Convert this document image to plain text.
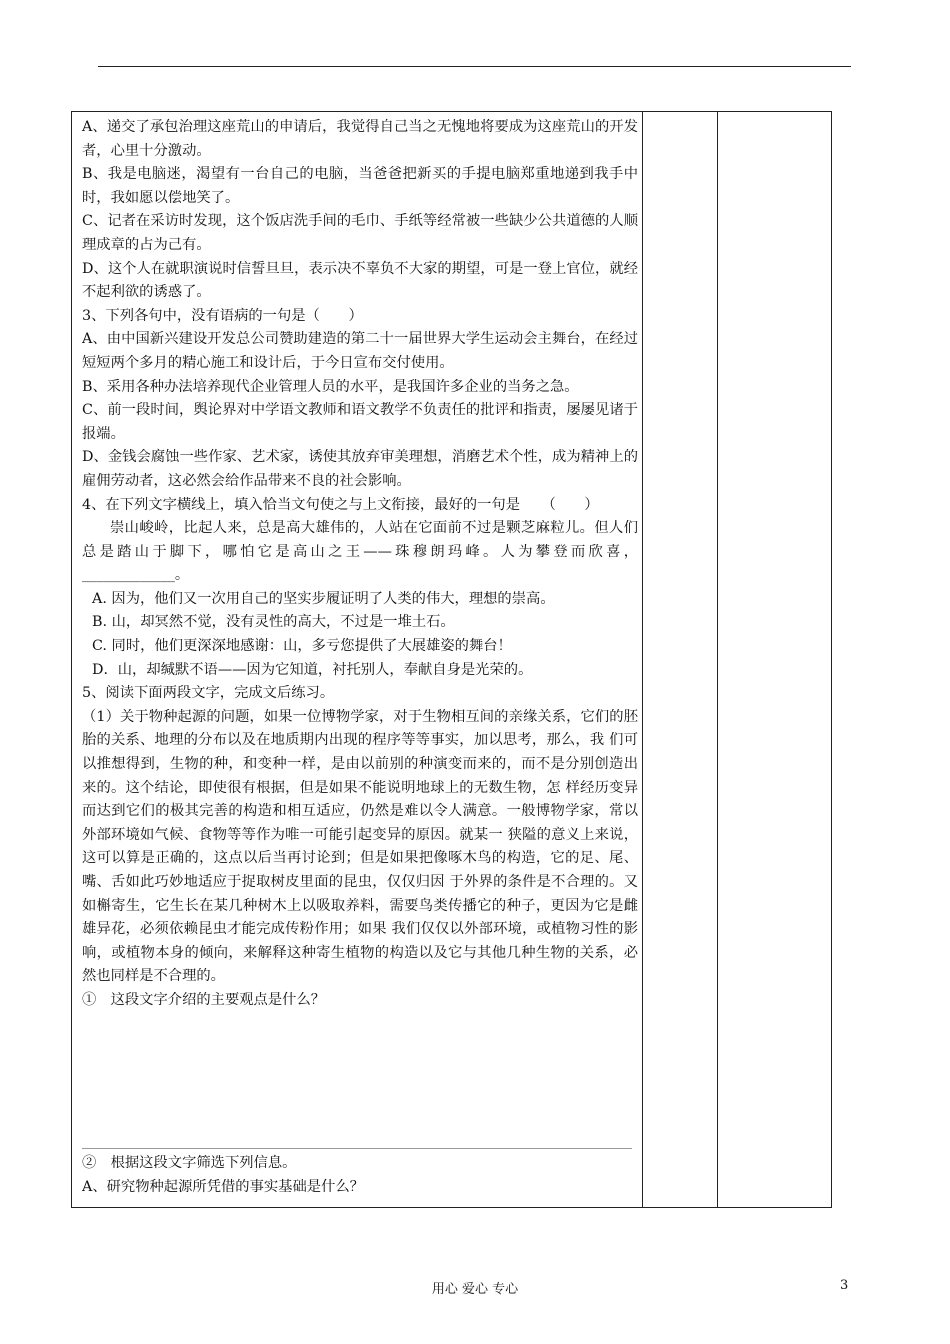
A、递交了承包治理这座荒山的申请后，我觉得自己当之无愧地将要成为这座荒山的开发者，心里十分激动。

B、我是电脑迷，渴望有一台自己的电脑，当爸爸把新买的手提电脑郑重地递到我手中时，我如愿以偿地笑了。

C、记者在采访时发现，这个饭店洗手间的毛巾、手纸等经常被一些缺少公共道德的人顺理成章的占为己有。

D、这个人在就职演说时信誓旦旦，表示决不辜负不大家的期望，可是一登上官位，就经不起利欲的诱惑了。

3、下列各句中，没有语病的一句是（　　）

A、由中国新兴建设开发总公司赞助建造的第二十一届世界大学生运动会主舞台，在经过短短两个多月的精心施工和设计后，于今日宣布交付使用。

B、采用各种办法培养现代企业管理人员的水平，是我国许多企业的当务之急。

C、前一段时间，舆论界对中学语文教师和语文教学不负责任的批评和指责，屡屡见诸于报端。

D、金钱会腐蚀一些作家、艺术家，诱使其放弃审美理想，消磨艺术个性，成为精神上的雇佣劳动者，这必然会给作品带来不良的社会影响。

4、在下列文字横线上，填入恰当文句使之与上文衔接，最好的一句是　　（　　）

崇山峻岭，比起人来，总是高大雄伟的，人站在它面前不过是颗芝麻粒儿。但人们总是踏山于脚下，哪怕它是高山之王——珠穆朗玛峰。人为攀登而欣喜，_____________。

A. 因为，他们又一次用自己的坚实步履证明了人类的伟大，理想的崇高。

B. 山，却冥然不觉，没有灵性的高大，不过是一堆土石。

C. 同时，他们更深深地感谢：山，多亏您提供了大展雄姿的舞台！

D．山，却缄默不语——因为它知道，衬托别人，奉献自身是光荣的。

5、阅读下面两段文字，完成文后练习。

（1）关于物种起源的问题，如果一位博物学家，对于生物相互间的亲缘关系，它们的胚胎的关系、地理的分布以及在地质期内出现的程序等等事实，加以思考，那么，我 们可以推想得到，生物的种，和变种一样，是由以前别的种演变而来的，而不是分别创造出来的。这个结论，即使很有根据，但是如果不能说明地球上的无数生物，怎 样经历变异而达到它们的极其完善的构造和相互适应，仍然是难以令人满意。一般博物学家，常以外部环境如气候、食物等等作为唯一可能引起变异的原因。就某一 狭隘的意义上来说，这可以算是正确的，这点以后当再讨论到；但是如果把像啄木鸟的构造，它的足、尾、嘴、舌如此巧妙地适应于捉取树皮里面的昆虫，仅仅归因 于外界的条件是不合理的。又如槲寄生，它生长在某几种树木上以吸取养料，需要鸟类传播它的种子，更因为它是雌雄异花，必须依赖昆虫才能完成传粉作用；如果 我们仅仅以外部环境，或植物习性的影响，或植物本身的倾向，来解释这种寄生植物的构造以及它与其他几种生物的关系，必然也同样是不合理的。

①　这段文字介绍的主要观点是什么？

②　根据这段文字筛选下列信息。

A、研究物种起源所凭借的事实基础是什么？

用心 爱心 专心	3
